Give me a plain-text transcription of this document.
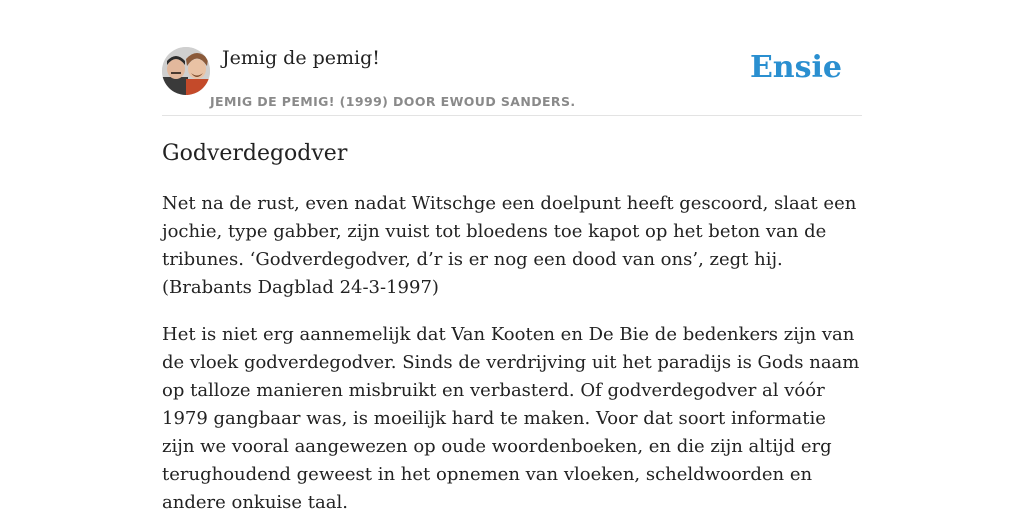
Jemig de pemig!
JEMIG DE PEMIG! (1999) DOOR EWOUD SANDERS.
Ensie
Godverdegodver

Net na de rust, even nadat Witschge een doelpunt heeft gescoord, slaat een jochie, type gabber, zijn vuist tot bloedens toe kapot op het beton van de tribunes. ‘Godverdegodver, d’r is er nog een dood van ons’, zegt hij. (Brabants Dagblad 24-3-1997)

Het is niet erg aannemelijk dat Van Kooten en De Bie de bedenkers zijn van de vloek godverdegodver. Sinds de verdrijving uit het paradijs is Gods naam op talloze manieren misbruikt en verbasterd. Of godverdegodver al vóór 1979 gangbaar was, is moeilijk hard te maken. Voor dat soort informatie zijn we vooral aangewezen op oude woordenboeken, en die zijn altijd erg terughoudend geweest in het opnemen van vloeken, scheldwoorden en andere onkuise taal.
